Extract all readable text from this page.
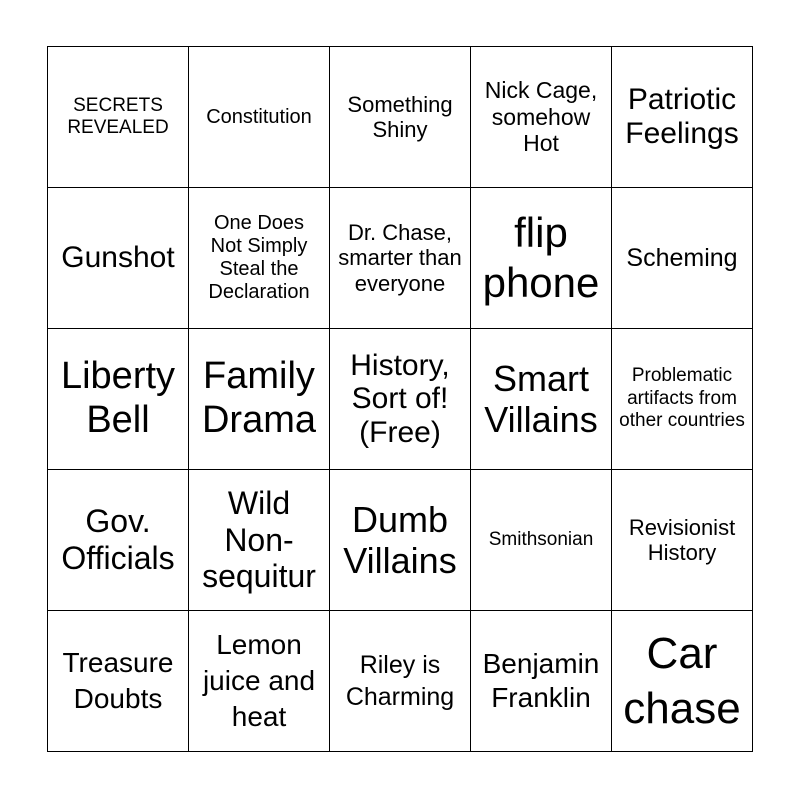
SECRETS REVEALED	Constitution	Something Shiny
Nick Cage, somehow Hot
Patriotic Feelings
Gunshot
One Does Not Simply Steal the Declaration
Dr. Chase, smarter than everyone
flip phone
Scheming
Liberty Bell
Family Drama
History, Sort of! (Free)
Smart Villains
Problematic artifacts from other countries
Gov. Officials
Wild Non-sequitur
Dumb Villains
Smithsonian	Revisionist History
Treasure Doubts
Lemon juice and heat
Riley is Charming
Benjamin Franklin
Car chase
